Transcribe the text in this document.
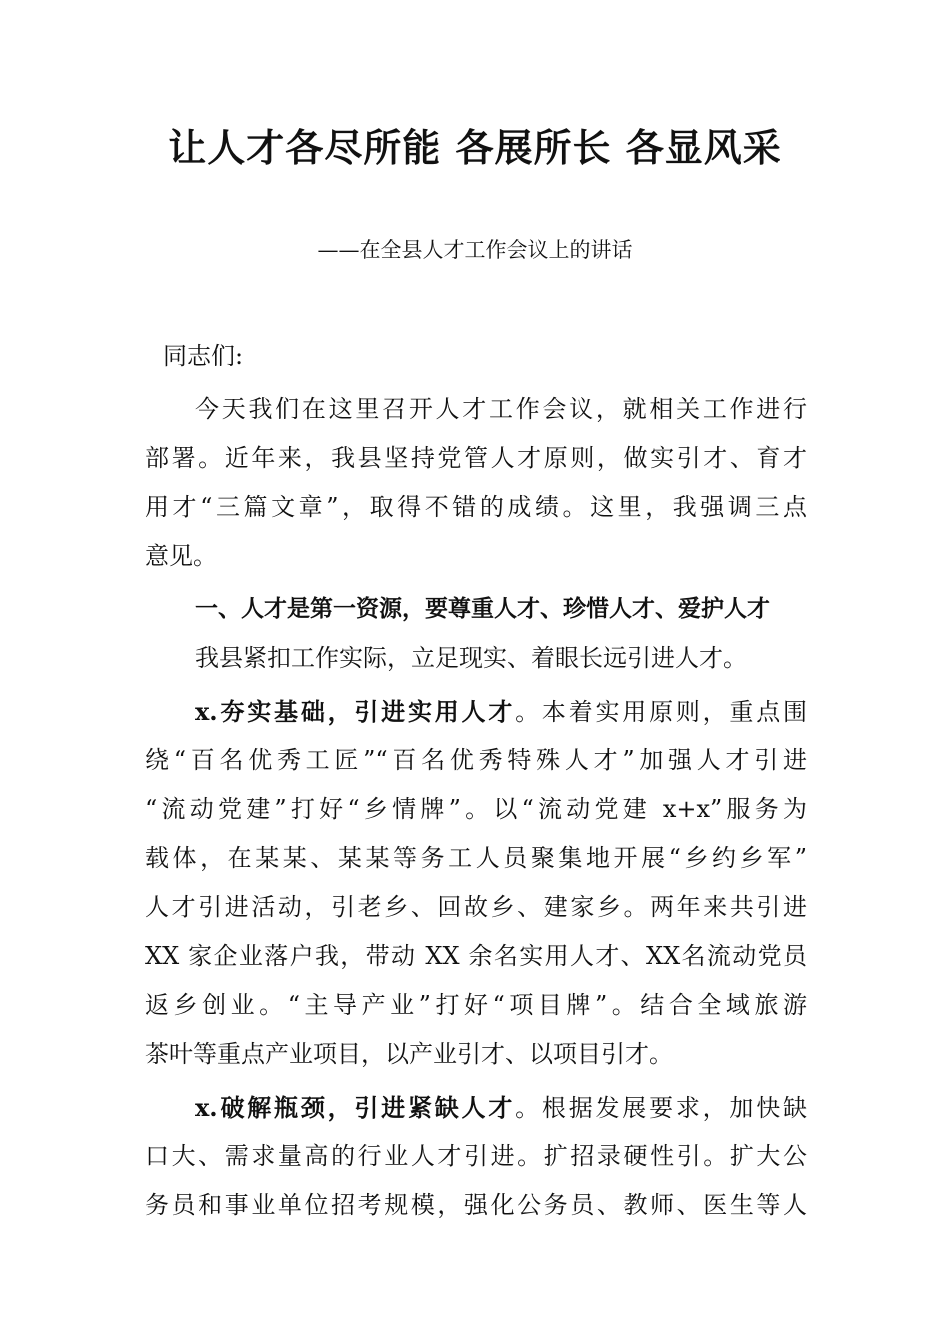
让人才各尽所能 各展所长 各显风采
——在全县人才工作会议上的讲话
同志们:
今天我们在这里召开人才工作会议，就相关工作进行
部署。近年来，我县坚持党管人才原则，做实引才、育才
用才“三篇文章”，取得不错的成绩。这里，我强调三点
意见。
一、人才是第一资源，要尊重人才、珍惜人才、爱护人才
我县紧扣工作实际，立足现实、着眼长远引进人才。
x.夯实基础，引进实用人才。本着实用原则，重点围
绕“百名优秀工匠”“百名优秀特殊人才”加强人才引进
“流动党建”打好“乡情牌”。以“流动党建 x+x”服务为
载体，在某某、某某等务工人员聚集地开展“乡约乡军”
人才引进活动，引老乡、回故乡、建家乡。两年来共引进
XX 家企业落户我，带动 XX 余名实用人才、XX名流动党员
返乡创业。“主导产业”打好“项目牌”。结合全域旅游
茶叶等重点产业项目，以产业引才、以项目引才。
x.破解瓶颈，引进紧缺人才。根据发展要求，加快缺
口大、需求量高的行业人才引进。扩招录硬性引。扩大公
务员和事业单位招考规模，强化公务员、教师、医生等人
